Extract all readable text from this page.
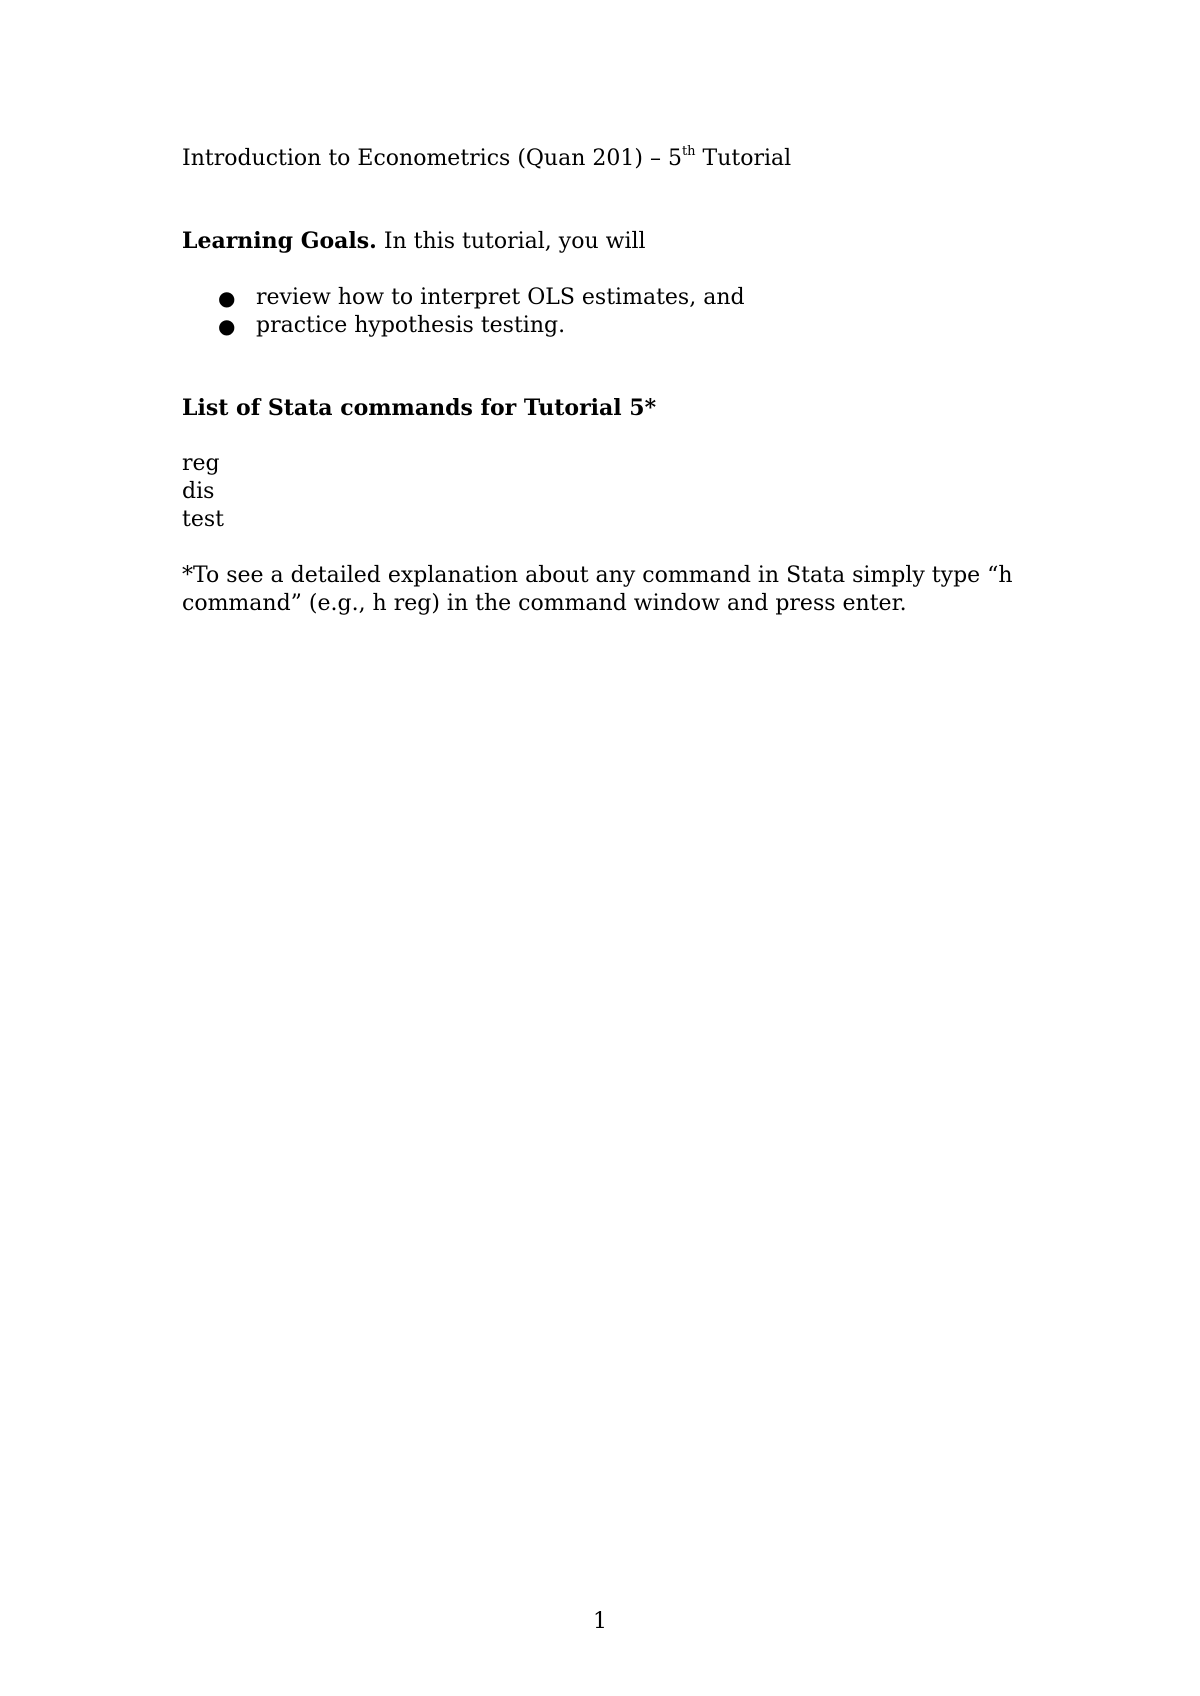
Introduction to Econometrics (Quan 201) – 5th Tutorial

Learning Goals. In this tutorial, you will

● review how to interpret OLS estimates, and
● practice hypothesis testing.

List of Stata commands for Tutorial 5*

reg
dis
test

*To see a detailed explanation about any command in Stata simply type “h command” (e.g., h reg) in the command window and press enter.

1
